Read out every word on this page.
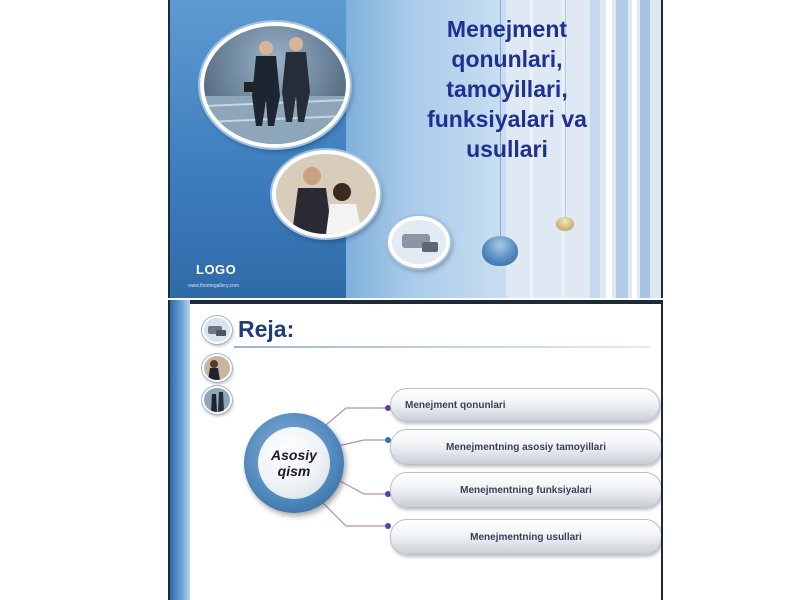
Menejment qonunlari, tamoyillari, funksiyalari va usullari
LOGO
www.themegallery.com
Reja:
Asosiy qism
Menejment qonunlari
Menejmentning asosiy tamoyillari
Menejmentning funksiyalari
Menejmentning usullari
